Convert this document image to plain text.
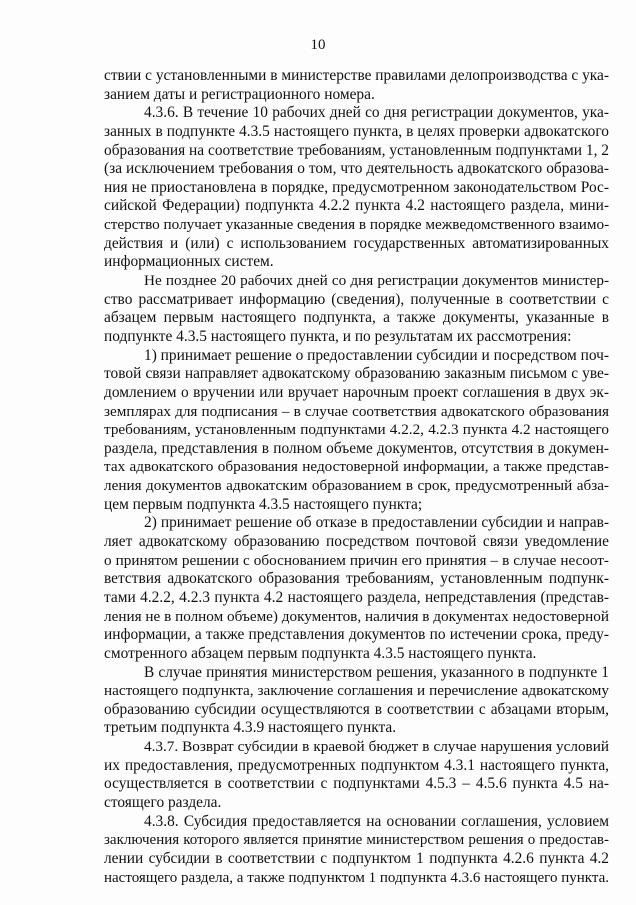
10
ствии с установленными в министерстве правилами делопроизводства с ука-
занием даты и регистрационного номера.
4.3.6. В течение 10 рабочих дней со дня регистрации документов, ука-
занных в подпункте 4.3.5 настоящего пункта, в целях проверки адвокатского
образования на соответствие требованиям, установленным подпунктами 1, 2
(за исключением требования о том, что деятельность адвокатского образова-
ния не приостановлена в порядке, предусмотренном законодательством Рос-
сийской Федерации) подпункта 4.2.2 пункта 4.2 настоящего раздела, мини-
стерство получает указанные сведения в порядке межведомственного взаимо-
действия и (или) с использованием государственных автоматизированных
информационных систем.
Не позднее 20 рабочих дней со дня регистрации документов министер-
ство рассматривает информацию (сведения), полученные в соответствии с
абзацем первым настоящего подпункта, а также документы, указанные в
подпункте 4.3.5 настоящего пункта, и по результатам их рассмотрения:
1) принимает решение о предоставлении субсидии и посредством поч-
товой связи направляет адвокатскому образованию заказным письмом с уве-
домлением о вручении или вручает нарочным проект соглашения в двух эк-
земплярах для подписания – в случае соответствия адвокатского образования
требованиям, установленным подпунктами 4.2.2, 4.2.3 пункта 4.2 настоящего
раздела, представления в полном объеме документов, отсутствия в докумен-
тах адвокатского образования недостоверной информации, а также представ-
ления документов адвокатским образованием в срок, предусмотренный абза-
цем первым подпункта 4.3.5 настоящего пункта;
2) принимает решение об отказе в предоставлении субсидии и направ-
ляет адвокатскому образованию посредством почтовой связи уведомление
о принятом решении с обоснованием причин его принятия – в случае несоот-
ветствия адвокатского образования требованиям, установленным подпунк-
тами 4.2.2, 4.2.3 пункта 4.2 настоящего раздела, непредставления (представ-
ления не в полном объеме) документов, наличия в документах недостоверной
информации, а также представления документов по истечении срока, преду-
смотренного абзацем первым подпункта 4.3.5 настоящего пункта.
В случае принятия министерством решения, указанного в подпункте 1
настоящего подпункта, заключение соглашения и перечисление адвокатскому
образованию субсидии осуществляются в соответствии с абзацами вторым,
третьим подпункта 4.3.9 настоящего пункта.
4.3.7. Возврат субсидии в краевой бюджет в случае нарушения условий
их предоставления, предусмотренных подпунктом 4.3.1 настоящего пункта,
осуществляется в соответствии с подпунктами 4.5.3 – 4.5.6 пункта 4.5 на-
стоящего раздела.
4.3.8. Субсидия предоставляется на основании соглашения, условием
заключения которого является принятие министерством решения о предостав-
лении субсидии в соответствии с подпунктом 1 подпункта 4.2.6 пункта 4.2
настоящего раздела, а также подпунктом 1 подпункта 4.3.6 настоящего пункта.
